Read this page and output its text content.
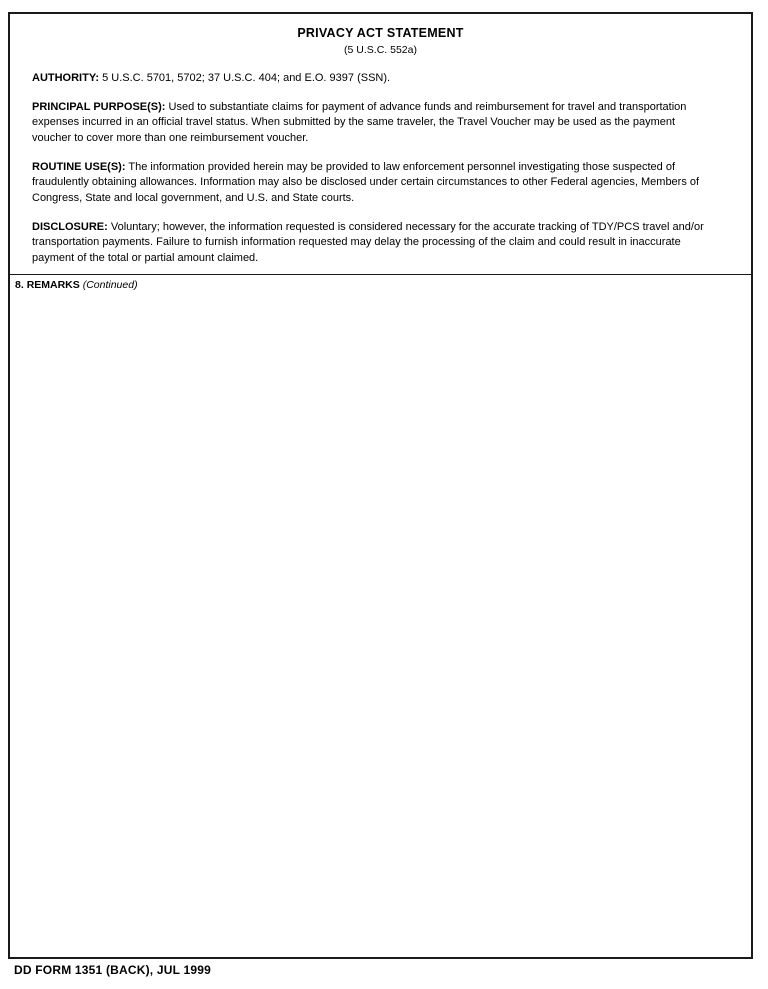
PRIVACY ACT STATEMENT
(5 U.S.C. 552a)

AUTHORITY: 5 U.S.C. 5701, 5702; 37 U.S.C. 404; and E.O. 9397 (SSN).

PRINCIPAL PURPOSE(S): Used to substantiate claims for payment of advance funds and reimbursement for travel and transportation expenses incurred in an official travel status. When submitted by the same traveler, the Travel Voucher may be used as the payment voucher to cover more than one reimbursement voucher.

ROUTINE USE(S): The information provided herein may be provided to law enforcement personnel investigating those suspected of fraudulently obtaining allowances. Information may also be disclosed under certain circumstances to other Federal agencies, Members of Congress, State and local government, and U.S. and State courts.

DISCLOSURE: Voluntary; however, the information requested is considered necessary for the accurate tracking of TDY/PCS travel and/or transportation payments. Failure to furnish information requested may delay the processing of the claim and could result in inaccurate payment of the total or partial amount claimed.

8. REMARKS (Continued)
DD FORM 1351 (BACK), JUL 1999
